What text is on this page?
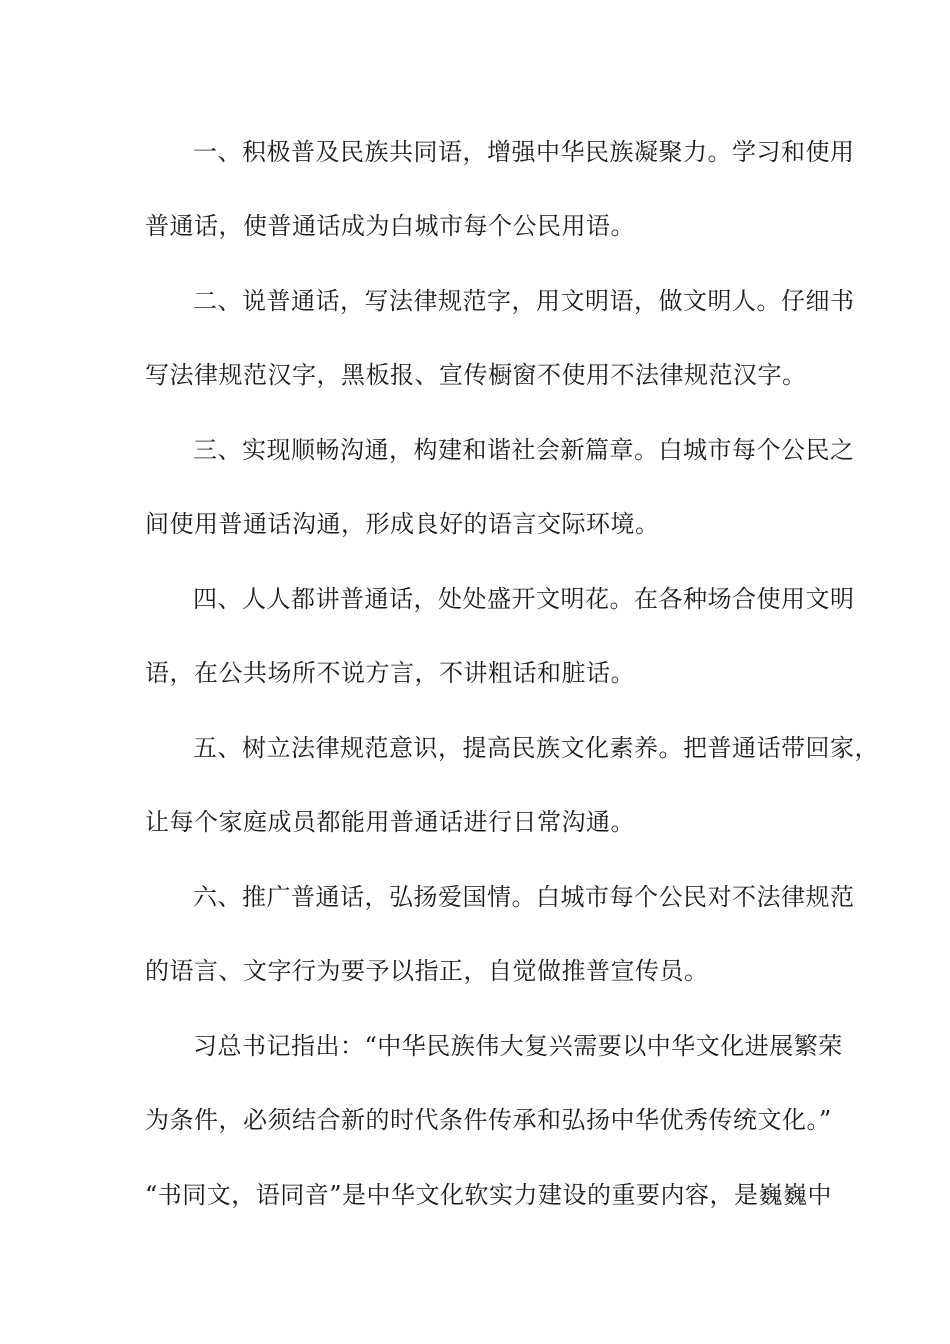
一、积极普及民族共同语，增强中华民族凝聚力。学习和使用
普通话，使普通话成为白城市每个公民用语。
二、说普通话，写法律规范字，用文明语，做文明人。仔细书
写法律规范汉字，黑板报、宣传橱窗不使用不法律规范汉字。
三、实现顺畅沟通，构建和谐社会新篇章。白城市每个公民之
间使用普通话沟通，形成良好的语言交际环境。
四、人人都讲普通话，处处盛开文明花。在各种场合使用文明
语，在公共场所不说方言，不讲粗话和脏话。
五、树立法律规范意识，提高民族文化素养。把普通话带回家，
让每个家庭成员都能用普通话进行日常沟通。
六、推广普通话，弘扬爱国情。白城市每个公民对不法律规范
的语言、文字行为要予以指正，自觉做推普宣传员。
习总书记指出：“中华民族伟大复兴需要以中华文化进展繁荣
为条件，必须结合新的时代条件传承和弘扬中华优秀传统文化。”
“书同文，语同音”是中华文化软实力建设的重要内容，是巍巍中
